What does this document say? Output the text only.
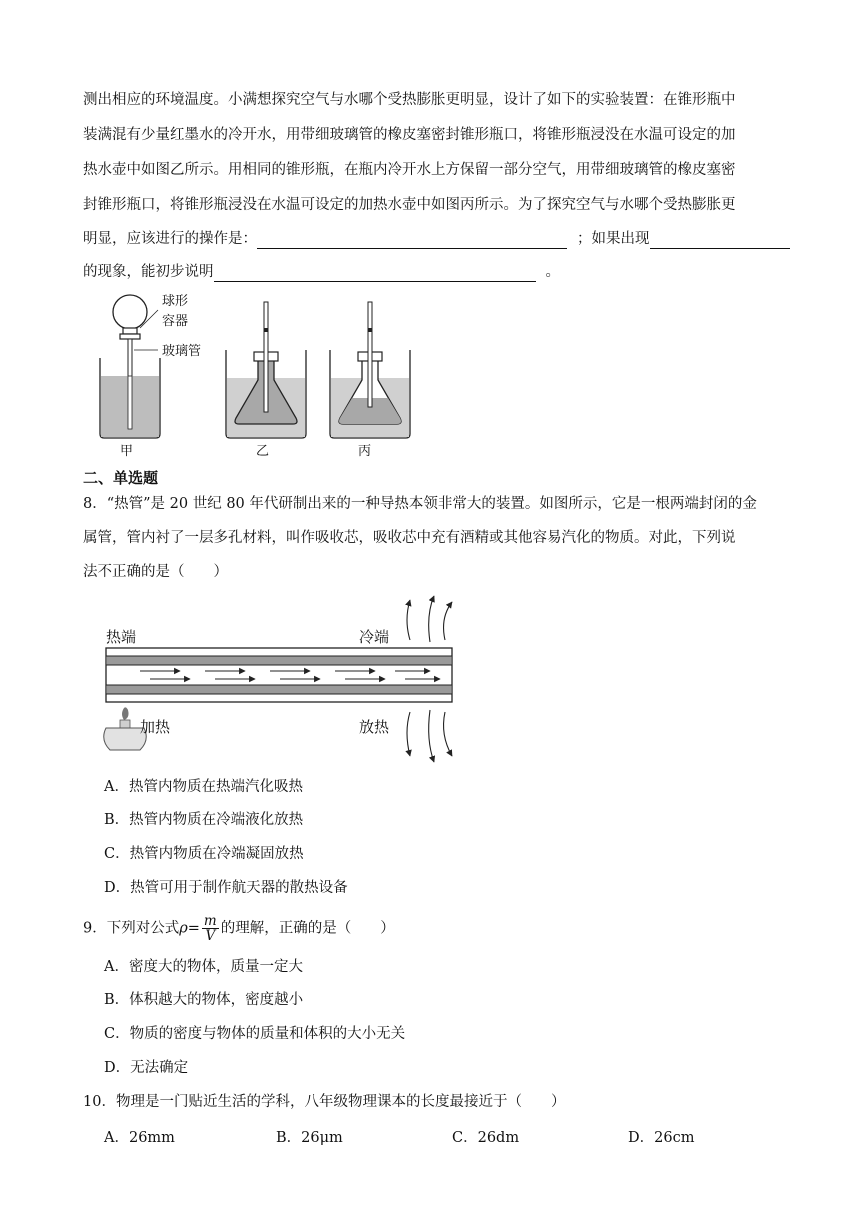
测出相应的环境温度。小满想探究空气与水哪个受热膨胀更明显，设计了如下的实验装置：在锥形瓶中
装满混有少量红墨水的冷开水，用带细玻璃管的橡皮塞密封锥形瓶口，将锥形瓶浸没在水温可设定的加
热水壶中如图乙所示。用相同的锥形瓶，在瓶内冷开水上方保留一部分空气，用带细玻璃管的橡皮塞密
封锥形瓶口，将锥形瓶浸没在水温可设定的加热水壶中如图丙所示。为了探究空气与水哪个受热膨胀更
明显，应该进行的操作是：	；如果出现
的现象，能初步说明	。
球形
容器
玻璃管
甲	乙	丙
二、单选题
8．“热管”是 20 世纪 80 年代研制出来的一种导热本领非常大的装置。如图所示，它是一根两端封闭的金
属管，管内衬了一层多孔材料，叫作吸收芯，吸收芯中充有酒精或其他容易汽化的物质。对此，下列说
法不正确的是（　　）
热端	冷端
加热	放热
A．热管内物质在热端汽化吸热
B．热管内物质在冷端液化放热
C．热管内物质在冷端凝固放热
D．热管可用于制作航天器的散热设备
9．下列对公式$\rho= \frac{m}{V}$ 的理解，正确的是（　　）
A．密度大的物体，质量一定大
B．体积越大的物体，密度越小
C．物质的密度与物体的质量和体积的大小无关
D．无法确定
10．物理是一门贴近生活的学科，八年级物理课本的长度最接近于（　　）
A．26mm	B．26μm	C．26dm	D．26cm
